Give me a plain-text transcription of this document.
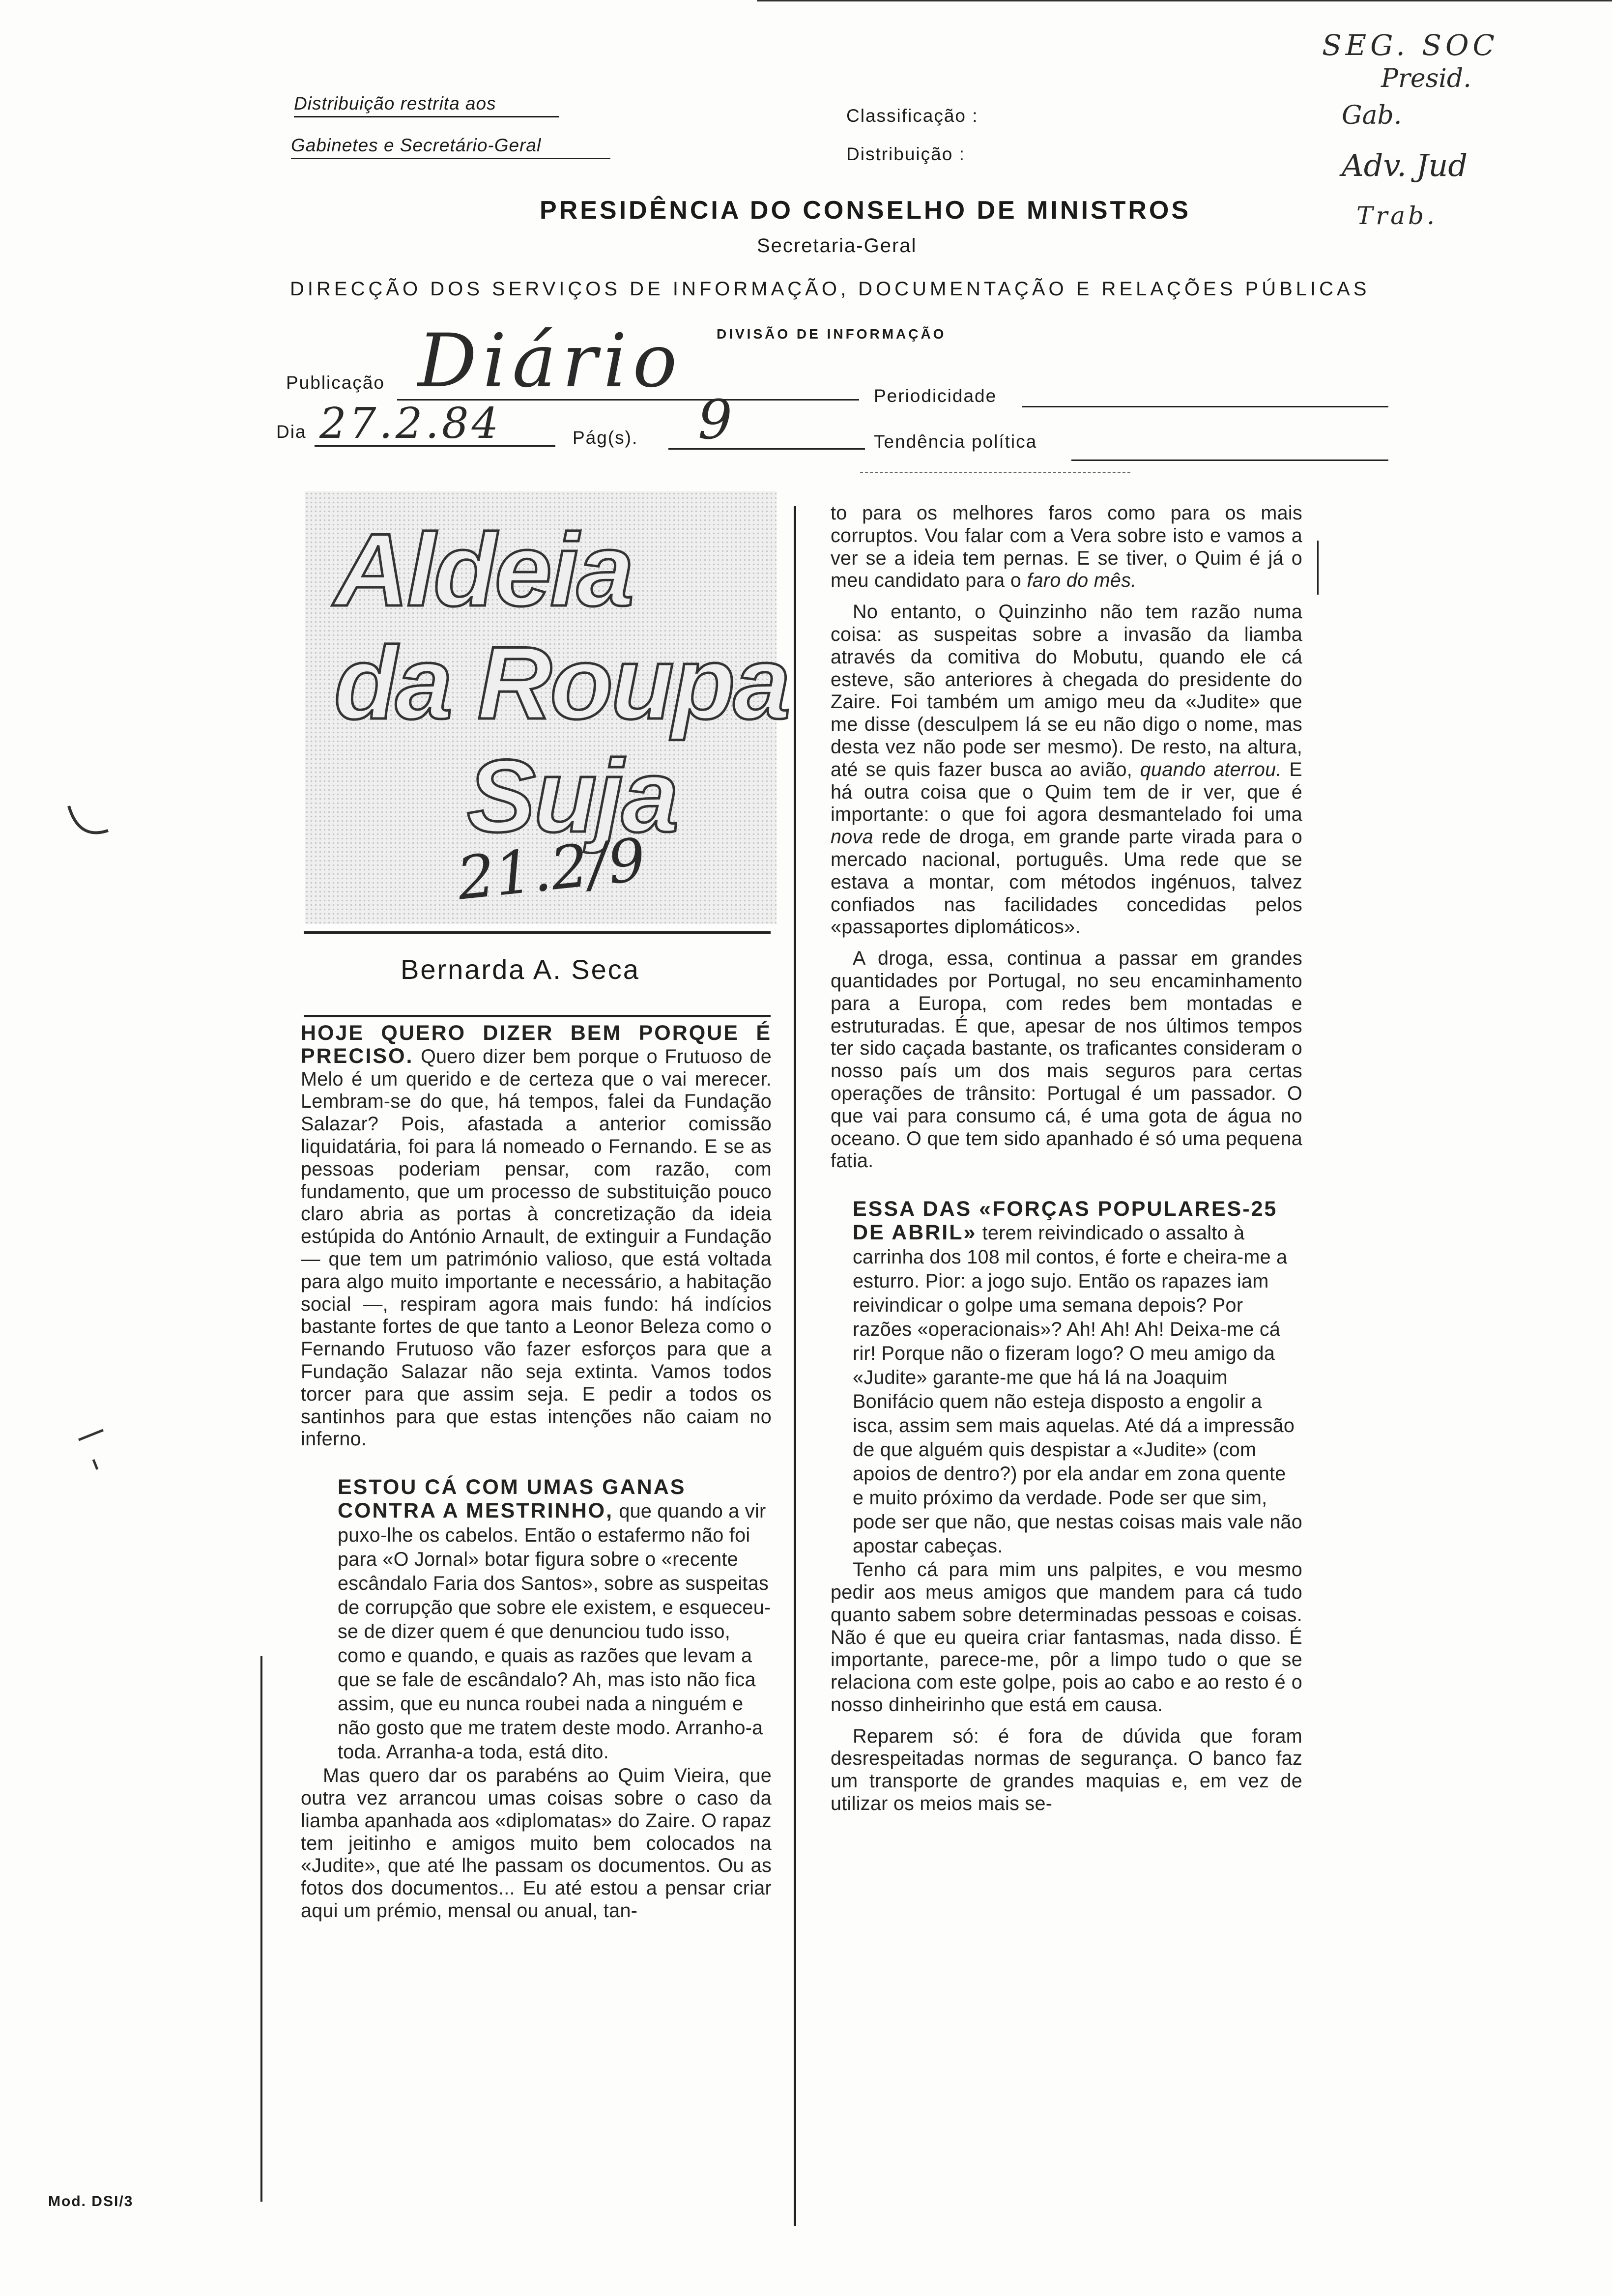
Distribuição restrita aos
Gabinetes e Secretário-Geral
Classificação :
Distribuição :
PRESIDÊNCIA DO CONSELHO DE MINISTROS
Secretaria-Geral
DIRECÇÃO DOS SERVIÇOS DE INFORMAÇÃO, DOCUMENTAÇÃO E RELAÇÕES PÚBLICAS
DIVISÃO DE INFORMAÇÃO
Publicação Diário	Periodicidade
Dia 27.2.84	Pág(s). 9	Tendência política
SEG. SOC
Presid.
Gab.
Adv. Jud
Trab.
Aldeia
da Roupa
Suja
21.2/9
Bernarda A. Seca

HOJE QUERO DIZER BEM PORQUE É PRECISO. Quero dizer bem porque o Frutuoso de Melo é um querido e de certeza que o vai merecer. Lembram-se do que, há tempos, falei da Fundação Salazar? Pois, afastada a anterior comissão liquidatária, foi para lá nomeado o Fernando. E se as pessoas poderiam pensar, com razão, com fundamento, que um processo de substituição pouco claro abria as portas à concretização da ideia estúpida do António Arnault, de extinguir a Fundação — que tem um património valioso, que está voltada para algo muito importante e necessário, a habitação social —, respiram agora mais fundo: há indícios bastante fortes de que tanto a Leonor Beleza como o Fernando Frutuoso vão fazer esforços para que a Fundação Salazar não seja extinta. Vamos todos torcer para que assim seja. E pedir a todos os santinhos para que estas intenções não caiam no inferno.

ESTOU CÁ COM UMAS GANAS CONTRA A MESTRINHO, que quando a vir puxo-lhe os cabelos. Então o estafermo não foi para «O Jornal» botar figura sobre o «recente escândalo Faria dos Santos», sobre as suspeitas de corrupção que sobre ele existem, e esqueceu-se de dizer quem é que denunciou tudo isso, como e quando, e quais as razões que levam a que se fale de escândalo? Ah, mas isto não fica assim, que eu nunca roubei nada a ninguém e não gosto que me tratem deste modo. Arranho-a toda. Arranha-a toda, está dito.

Mas quero dar os parabéns ao Quim Vieira, que outra vez arrancou umas coisas sobre o caso da liamba apanhada aos «diplomatas» do Zaire. O rapaz tem jeitinho e amigos muito bem colocados na «Judite», que até lhe passam os documentos. Ou as fotos dos documentos... Eu até estou a pensar criar aqui um prémio, mensal ou anual, tan-

to para os melhores faros como para os mais corruptos. Vou falar com a Vera sobre isto e vamos a ver se a ideia tem pernas. E se tiver, o Quim é já o meu candidato para o faro do mês.

No entanto, o Quinzinho não tem razão numa coisa: as suspeitas sobre a invasão da liamba através da comitiva do Mobutu, quando ele cá esteve, são anteriores à chegada do presidente do Zaire. Foi também um amigo meu da «Judite» que me disse (desculpem lá se eu não digo o nome, mas desta vez não pode ser mesmo). De resto, na altura, até se quis fazer busca ao avião, quando aterrou. E há outra coisa que o Quim tem de ir ver, que é importante: o que foi agora desmantelado foi uma nova rede de droga, em grande parte virada para o mercado nacional, português. Uma rede que se estava a montar, com métodos ingénuos, talvez confiados nas facilidades concedidas pelos «passaportes diplomáticos».

A droga, essa, continua a passar em grandes quantidades por Portugal, no seu encaminhamento para a Europa, com redes bem montadas e estruturadas. É que, apesar de nos últimos tempos ter sido caçada bastante, os traficantes consideram o nosso país um dos mais seguros para certas operações de trânsito: Portugal é um passador. O que vai para consumo cá, é uma gota de água no oceano. O que tem sido apanhado é só uma pequena fatia.

ESSA DAS «FORÇAS POPULARES-25 DE ABRIL» terem reivindicado o assalto à carrinha dos 108 mil contos, é forte e cheira-me a esturro. Pior: a jogo sujo. Então os rapazes iam reivindicar o golpe uma semana depois? Por razões «operacionais»? Ah! Ah! Ah! Deixa-me cá rir! Porque não o fizeram logo? O meu amigo da «Judite» garante-me que há lá na Joaquim Bonifácio quem não esteja disposto a engolir a isca, assim sem mais aquelas. Até dá a impressão de que alguém quis despistar a «Judite» (com apoios de dentro?) por ela andar em zona quente e muito próximo da verdade. Pode ser que sim, pode ser que não, que nestas coisas mais vale não apostar cabeças.

Tenho cá para mim uns palpites, e vou mesmo pedir aos meus amigos que mandem para cá tudo quanto sabem sobre determinadas pessoas e coisas. Não é que eu queira criar fantasmas, nada disso. É importante, parece-me, pôr a limpo tudo o que se relaciona com este golpe, pois ao cabo e ao resto é o nosso dinheirinho que está em causa.

Reparem só: é fora de dúvida que foram desrespeitadas normas de segurança. O banco faz um transporte de grandes maquias e, em vez de utilizar os meios mais se-

Mod. DSI/3
